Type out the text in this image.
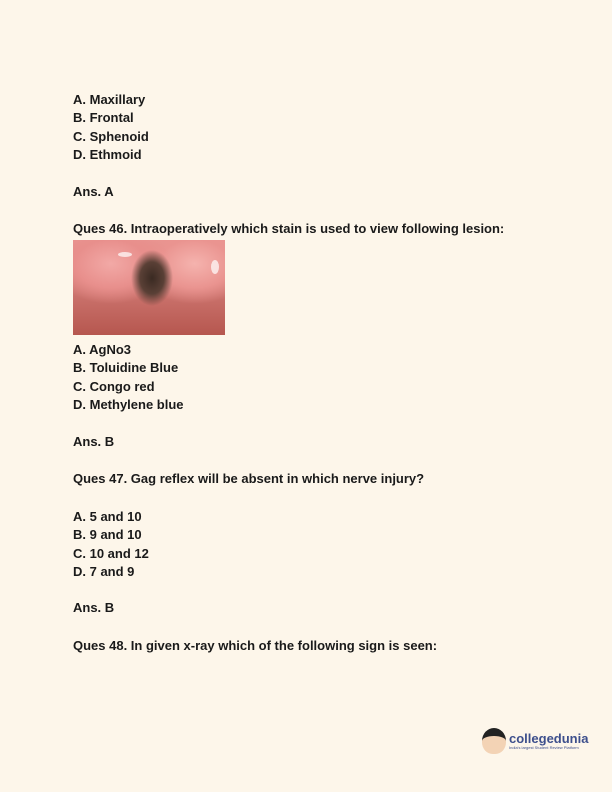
A. Maxillary
B. Frontal
C. Sphenoid
D. Ethmoid
Ans. A
Ques 46. Intraoperatively which stain is used to view following lesion:
A. AgNo3
B. Toluidine Blue
C. Congo red
D. Methylene blue
Ans. B
Ques 47. Gag reflex will be absent in which nerve injury?
A. 5 and 10
B. 9 and 10
C. 10 and 12
D. 7 and 9
Ans. B
Ques 48. In given x-ray which of the following sign is seen:
collegedunia
India's largest Student Review Platform
